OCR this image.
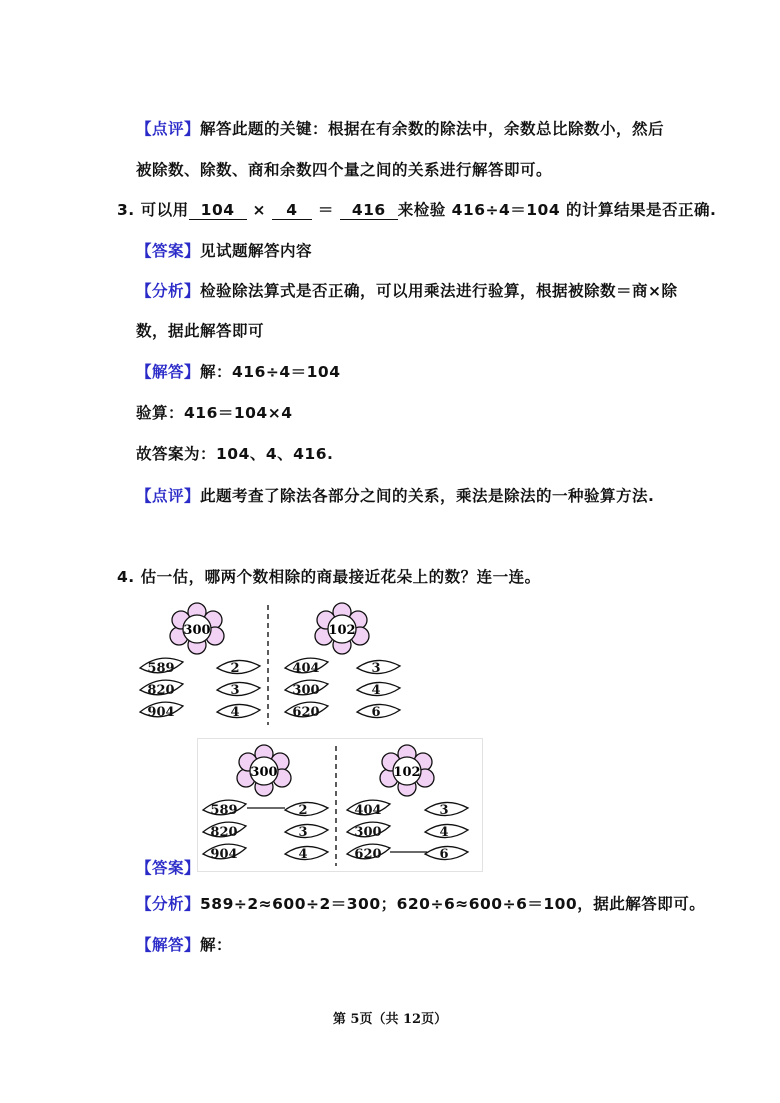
【点评】解答此题的关键：根据在有余数的除法中，余数总比除数小，然后
被除数、除数、商和余数四个量之间的关系进行解答即可。
3. 可以用 104 × 4 ＝ 416 来检验 416÷4＝104 的计算结果是否正确.
【答案】见试题解答内容
【分析】检验除法算式是否正确，可以用乘法进行验算，根据被除数＝商×除
数，据此解答即可
【解答】解：416÷4＝104
验算：416＝104×4
故答案为：104、4、416.
【点评】此题考查了除法各部分之间的关系，乘法是除法的一种验算方法.
4. 估一估，哪两个数相除的商最接近花朵上的数？连一连。
300	102
589
820
904
2
3
4
404
300
620
3
4
6
300	102
589
820
904
2
3
4
404
300
620
3
4
6
【答案】
【分析】589÷2≈600÷2＝300；620÷6≈600÷6＝100，据此解答即可。
【解答】解：
第 5页（共 12页）
